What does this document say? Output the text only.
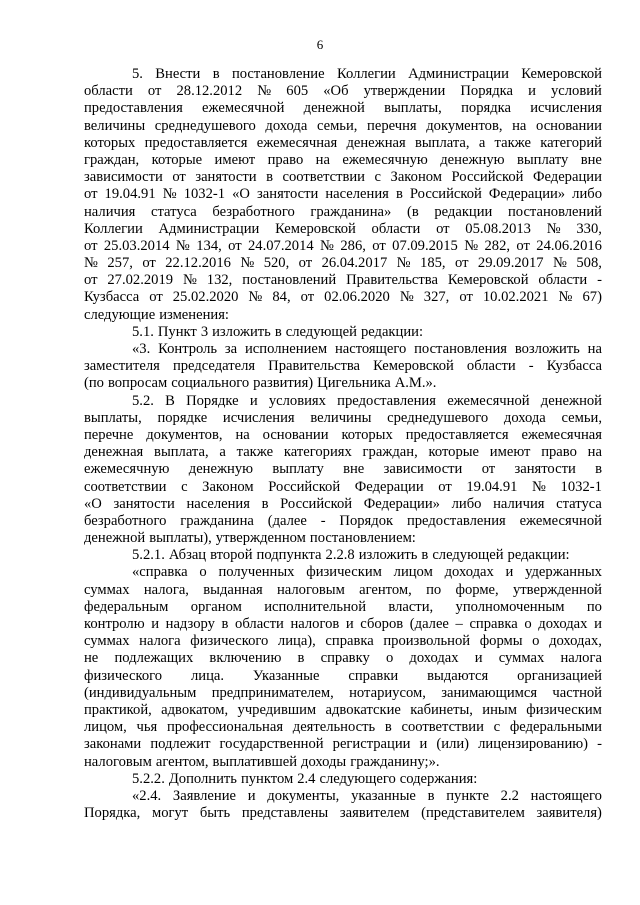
6
5. Внести в постановление Коллегии Администрации Кемеровской
области от 28.12.2012 № 605 «Об утверждении Порядка и условий
предоставления ежемесячной денежной выплаты, порядка исчисления
величины среднедушевого дохода семьи, перечня документов, на основании
которых предоставляется ежемесячная денежная выплата, а также категорий
граждан, которые имеют право на ежемесячную денежную выплату вне
зависимости от занятости в соответствии с Законом Российской Федерации
от 19.04.91 № 1032-1 «О занятости населения в Российской Федерации» либо
наличия статуса безработного гражданина» (в редакции постановлений
Коллегии Администрации Кемеровской области от 05.08.2013 № 330,
от 25.03.2014 № 134, от 24.07.2014 № 286, от 07.09.2015 № 282, от 24.06.2016
№ 257, от 22.12.2016 № 520, от 26.04.2017 № 185, от 29.09.2017 № 508,
от 27.02.2019 № 132, постановлений Правительства Кемеровской области -
Кузбасса от 25.02.2020 № 84, от 02.06.2020 № 327, от 10.02.2021 № 67)
следующие изменения:
5.1. Пункт 3 изложить в следующей редакции:
«3. Контроль за исполнением настоящего постановления возложить на
заместителя председателя Правительства Кемеровской области - Кузбасса
(по вопросам социального развития) Цигельника А.М.».
5.2. В Порядке и условиях предоставления ежемесячной денежной
выплаты, порядке исчисления величины среднедушевого дохода семьи,
перечне документов, на основании которых предоставляется ежемесячная
денежная выплата, а также категориях граждан, которые имеют право на
ежемесячную денежную выплату вне зависимости от занятости в
соответствии с Законом Российской Федерации от 19.04.91 № 1032-1
«О занятости населения в Российской Федерации» либо наличия статуса
безработного гражданина (далее - Порядок предоставления ежемесячной
денежной выплаты), утвержденном постановлением:
5.2.1. Абзац второй подпункта 2.2.8 изложить в следующей редакции:
«справка о полученных физическим лицом доходах и удержанных
суммах налога, выданная налоговым агентом, по форме, утвержденной
федеральным органом исполнительной власти, уполномоченным по
контролю и надзору в области налогов и сборов (далее – справка о доходах и
суммах налога физического лица), справка произвольной формы о доходах,
не подлежащих включению в справку о доходах и суммах налога
физического лица. Указанные справки выдаются организацией
(индивидуальным предпринимателем, нотариусом, занимающимся частной
практикой, адвокатом, учредившим адвокатские кабинеты, иным физическим
лицом, чья профессиональная деятельность в соответствии с федеральными
законами подлежит государственной регистрации и (или) лицензированию) -
налоговым агентом, выплатившей доходы гражданину;».
5.2.2. Дополнить пунктом 2.4 следующего содержания:
«2.4. Заявление и документы, указанные в пункте 2.2 настоящего
Порядка, могут быть представлены заявителем (представителем заявителя)
